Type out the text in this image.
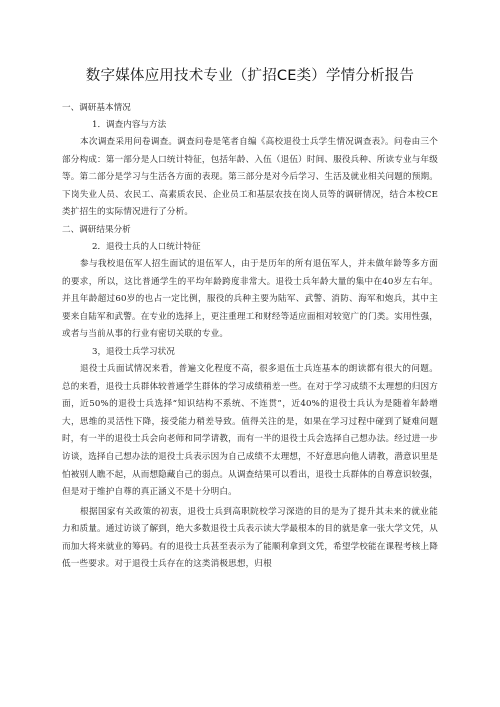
数字媒体应用技术专业（扩招CE类）学情分析报告

一、调研基本情况

1．调查内容与方法

本次调查采用问卷调查。调查问卷是笔者自编《高校退役士兵学生情况调查表》。问卷由三个部分构成：第一部分是人口统计特征，包括年龄、入伍（退伍）时间、服役兵种、所读专业与年级等。第二部分是学习与生活各方面的表现。第三部分是对今后学习、生活及就业相关问题的预期。下岗失业人员、农民工、高素质农民、企业员工和基层农技在岗人员等的调研情况，结合本校CE类扩招生的实际情况进行了分析。

二、调研结果分析

2．退役士兵的人口统计特征

参与我校退伍军人招生面试的退伍军人，由于是历年的所有退伍军人，并未做年龄等多方面的要求，所以，这比普通学生的平均年龄跨度非常大。退役士兵年龄大量的集中在40岁左右年。并且年龄超过60岁的也占一定比例，服役的兵种主要为陆军、武警、消防、海军和炮兵，其中主要来自陆军和武警。在专业的选择上，更注重理工和财经等适应面相对较宽广的门类。实用性强，或者与当前从事的行业有密切关联的专业。

3，退役士兵学习状况

退役士兵面试情况来看，普遍文化程度不高，很多退伍士兵连基本的朗读都有很大的问题。总的来看，退役士兵群体较普通学生群体的学习成绩稍差一些。在对于学习成绩不太理想的归因方面，近50%的退役士兵选择“知识结构不系统、不连贯”，近40%的退役士兵认为是随着年龄增大，思维的灵活性下降，接受能力稍差导致。值得关注的是，如果在学习过程中碰到了疑难问题时，有一半的退役士兵会向老师和同学请教，而有一半的退役士兵会选择自己想办法。经过进一步访谈，选择自己想办法的退役士兵表示因为自己成绩不太理想，不好意思向他人请教，潜意识里是怕被别人瞧不起，从而想隐藏自己的弱点。从调查结果可以看出，退役士兵群体的自尊意识较强，但是对于维护自尊的真正涵义不是十分明白。

根据国家有关政策的初衷，退役士兵到高职院校学习深造的目的是为了提升其未来的就业能力和质量。通过访谈了解到，绝大多数退役士兵表示读大学最根本的目的就是拿一张大学文凭，从而加大将来就业的筹码。有的退役士兵甚至表示为了能顺利拿到文凭，希望学校能在课程考核上降低一些要求。对于退役士兵存在的这类消极思想，归根
